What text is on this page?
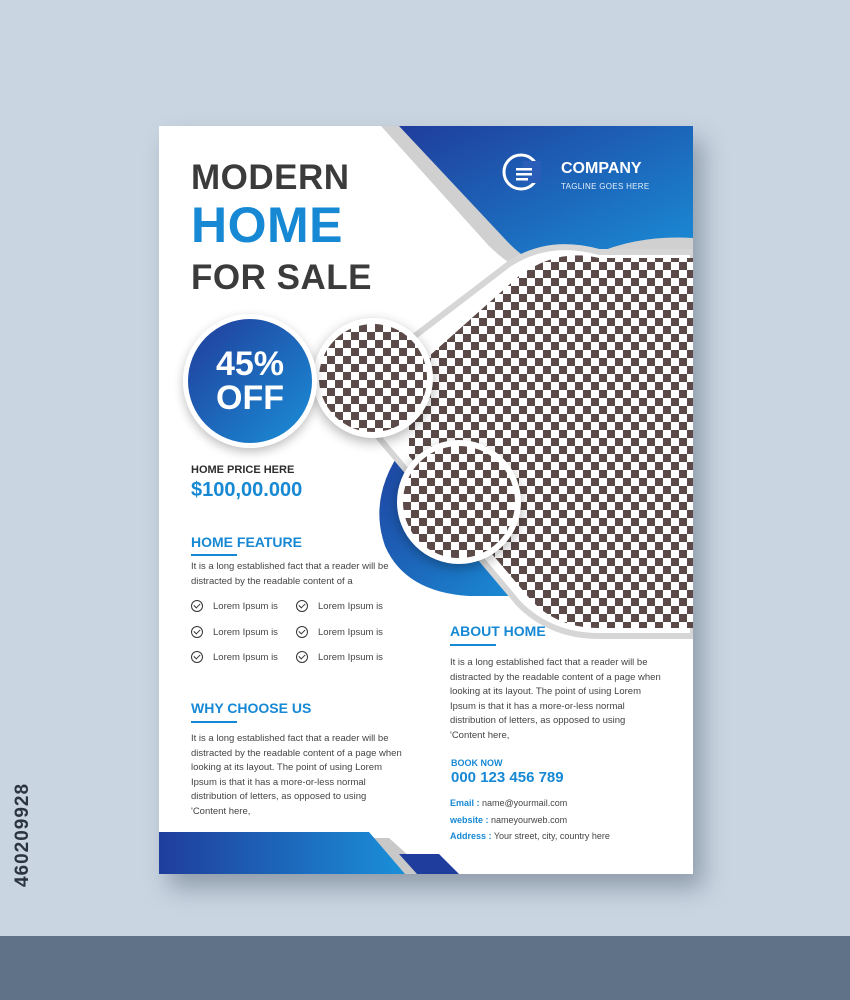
460209928
COMPANY
TAGLINE GOES HERE
MODERN
HOME
FOR SALE
45%
OFF
HOME PRICE HERE
$100,00.000
HOME FEATURE
It is a long established fact that a reader will be distracted by the readable content of a
Lorem Ipsum is	Lorem Ipsum is
Lorem Ipsum is	Lorem Ipsum is
Lorem Ipsum is	Lorem Ipsum is
WHY CHOOSE US
It is a long established fact that a reader will be distracted by the readable content of a page when looking at its layout. The point of using Lorem Ipsum is that it has a more-or-less normal distribution of letters, as opposed to using 'Content here,
ABOUT HOME
It is a long established fact that a reader will be distracted by the readable content of a page when looking at its layout. The point of using Lorem Ipsum is that it has a more-or-less normal distribution of letters, as opposed to using 'Content here,
BOOK NOW
000 123 456 789
Email : name@yourmail.com
website : nameyourweb.com
Address : Your street, city, country here
